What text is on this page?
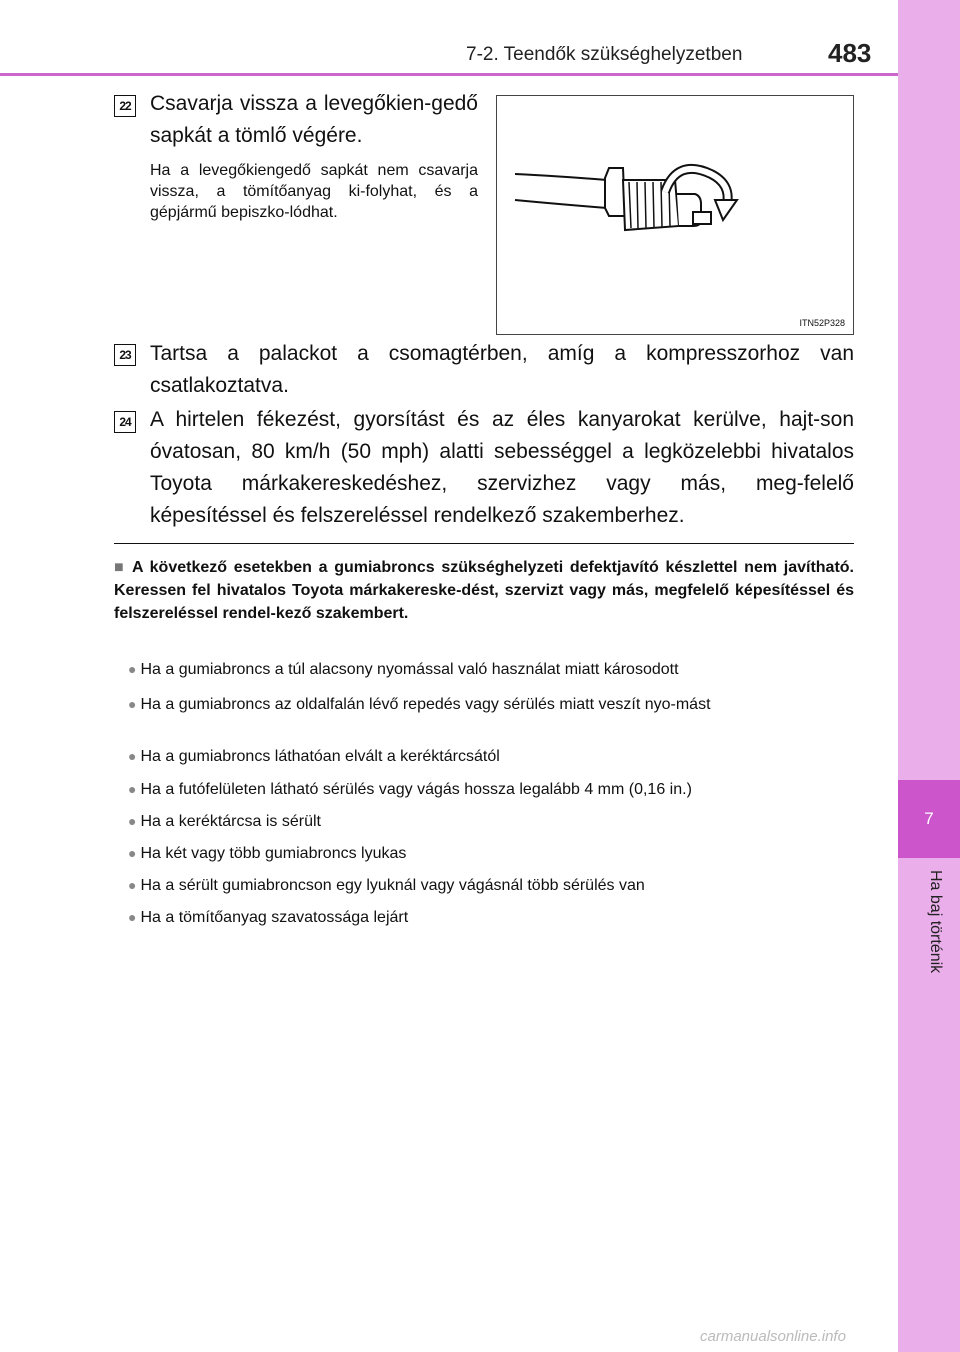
7
Ha baj történik
7-2. Teendők szükséghelyzetben	483
22 Csavarja vissza a levegőkien-gedő sapkát a tömlő végére.
Ha a levegőkiengedő sapkát nem csavarja vissza, a tömítőanyag ki-folyhat, és a gépjármű bepiszko-lódhat.
ITN52P328
23 Tartsa a palackot a csomagtérben, amíg a kompresszorhoz van csatlakoztatva.
24 A hirtelen fékezést, gyorsítást és az éles kanyarokat kerülve, hajt-son óvatosan, 80 km/h (50 mph) alatti sebességgel a legközelebbi hivatalos Toyota márkakereskedéshez, szervizhez vagy más, meg-felelő képesítéssel és felszereléssel rendelkező szakemberhez.
■ A következő esetekben a gumiabroncs szükséghelyzeti defektjavító készlettel nem javítható. Keressen fel hivatalos Toyota márkakereske-dést, szervizt vagy más, megfelelő képesítéssel és felszereléssel rendel-kező szakembert.
● Ha a gumiabroncs a túl alacsony nyomással való használat miatt károsodott
● Ha a gumiabroncs az oldalfalán lévő repedés vagy sérülés miatt veszít nyo-mást
● Ha a gumiabroncs láthatóan elvált a keréktárcsától
● Ha a futófelületen látható sérülés vagy vágás hossza legalább 4 mm (0,16 in.)
● Ha a keréktárcsa is sérült
● Ha két vagy több gumiabroncs lyukas
● Ha a sérült gumiabroncson egy lyuknál vagy vágásnál több sérülés van
● Ha a tömítőanyag szavatossága lejárt
carmanualsonline.info
